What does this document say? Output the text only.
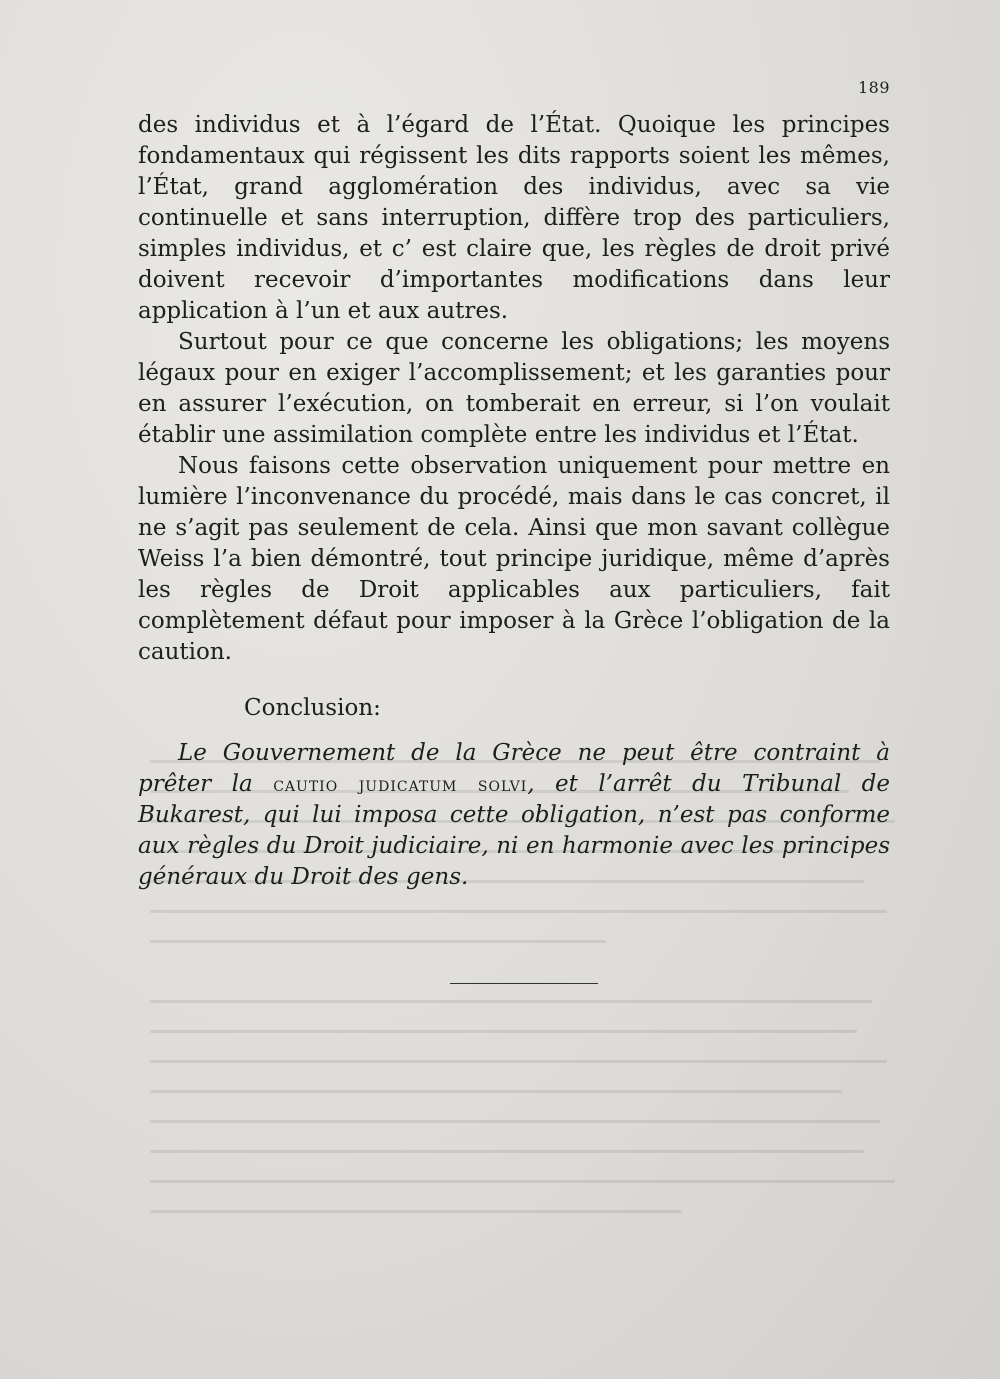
189

des individus et à l’égard de l’État. Quoique les principes fondamentaux qui régissent les dits rapports soient les mêmes, l’État, grand agglomération des individus, avec sa vie continuelle et sans interruption, diffère trop des particuliers, simples individus, et c’ est claire que, les règles de droit privé doivent recevoir d’importantes modifications dans leur application à l’un et aux autres.

Surtout pour ce que concerne les obligations; les moyens légaux pour en exiger l’accomplissement; et les garanties pour en assurer l’exécution, on tomberait en erreur, si l’on voulait établir une assimilation complète entre les individus et l’État.

Nous faisons cette observation uniquement pour mettre en lumière l’inconvenance du procédé, mais dans le cas concret, il ne s’agit pas seulement de cela. Ainsi que mon savant collègue Weiss l’a bien démontré, tout principe juridique, même d’après les règles de Droit applicables aux particuliers, fait complètement défaut pour imposer à la Grèce l’obligation de la caution.

Conclusion:

Le Gouvernement de la Grèce ne peut être contraint à prêter la cautio judicatum solvi, et l’arrêt du Tribunal de Bukarest, qui lui imposa cette obligation, n’est pas conforme aux règles du Droit judiciaire, ni en harmonie avec les principes généraux du Droit des gens.
